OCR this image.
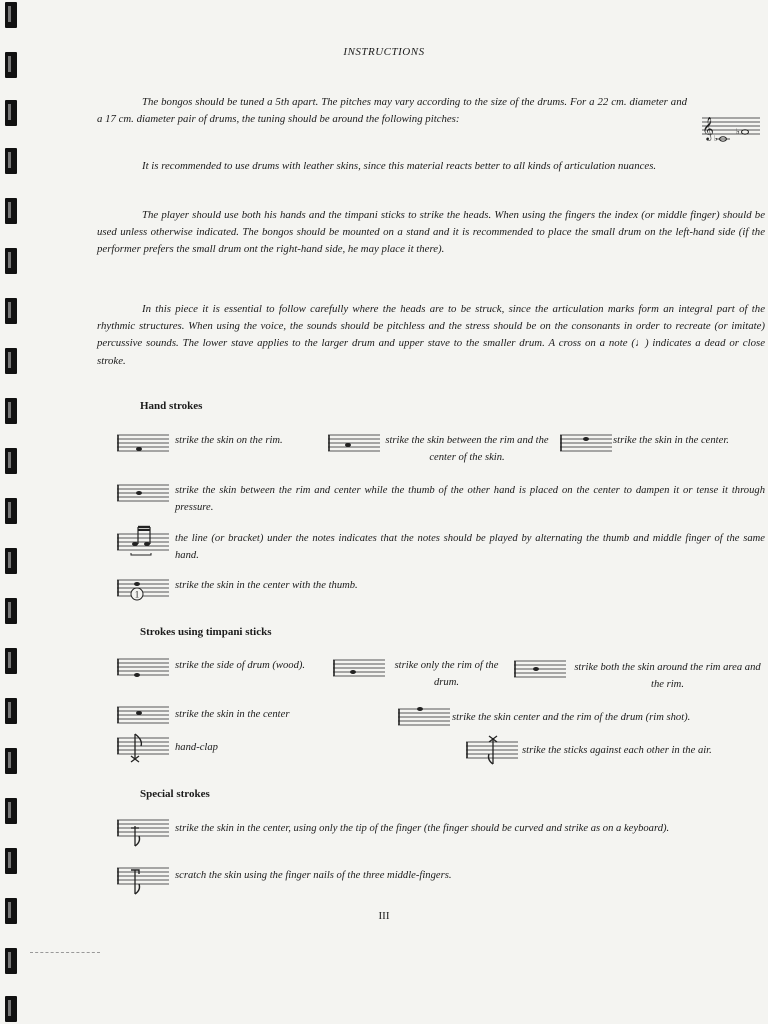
INSTRUCTIONS
The bongos should be tuned a 5th apart. The pitches may vary according to the size of the drums. For a 22 cm. diameter and a 17 cm. diameter pair of drums, the tuning should be around the following pitches:	𝄞 ♭
♭
It is recommended to use drums with leather skins, since this material reacts better to all kinds of articulation nuances.
The player should use both his hands and the timpani sticks to strike the heads. When using the fingers the index (or middle finger) should be used unless otherwise indicated. The bongos should be mounted on a stand and it is recommended to place the small drum on the left-hand side (if the performer prefers the small drum ont the right-hand side, he may place it there).
In this piece it is essential to follow carefully where the heads are to be struck, since the articulation marks form an integral part of the rhythmic structures. When using the voice, the sounds should be pitchless and the stress should be on the consonants in order to recreate (or imitate) percussive sounds. The lower stave applies to the larger drum and upper stave to the smaller drum. A cross on a note (♩) indicates a dead or close stroke.
Hand strokes
strike the skin on the rim.	strike the skin between the rim and the center of the skin.
strike the skin in the center.
strike the skin between the rim and center while the thumb of the other hand is placed on the center to dampen it or tense it through pressure.
the line (or bracket) under the notes indicates that the notes should be played by alternating the thumb and middle finger of the same hand.
1
strike the skin in the center with the thumb.
Strokes using timpani sticks
strike the side of drum (wood).	strike only the rim of the drum.
strike both the skin around the rim area and the rim.
strike the skin in the center	strike the skin center and the rim of the drum (rim shot).
hand-clap	strike the sticks against each other in the air.
Special strokes
strike the skin in the center, using only the tip of the finger (the finger should be curved and strike as on a keyboard).
scratch the skin using the finger nails of the three middle-fingers.
III
